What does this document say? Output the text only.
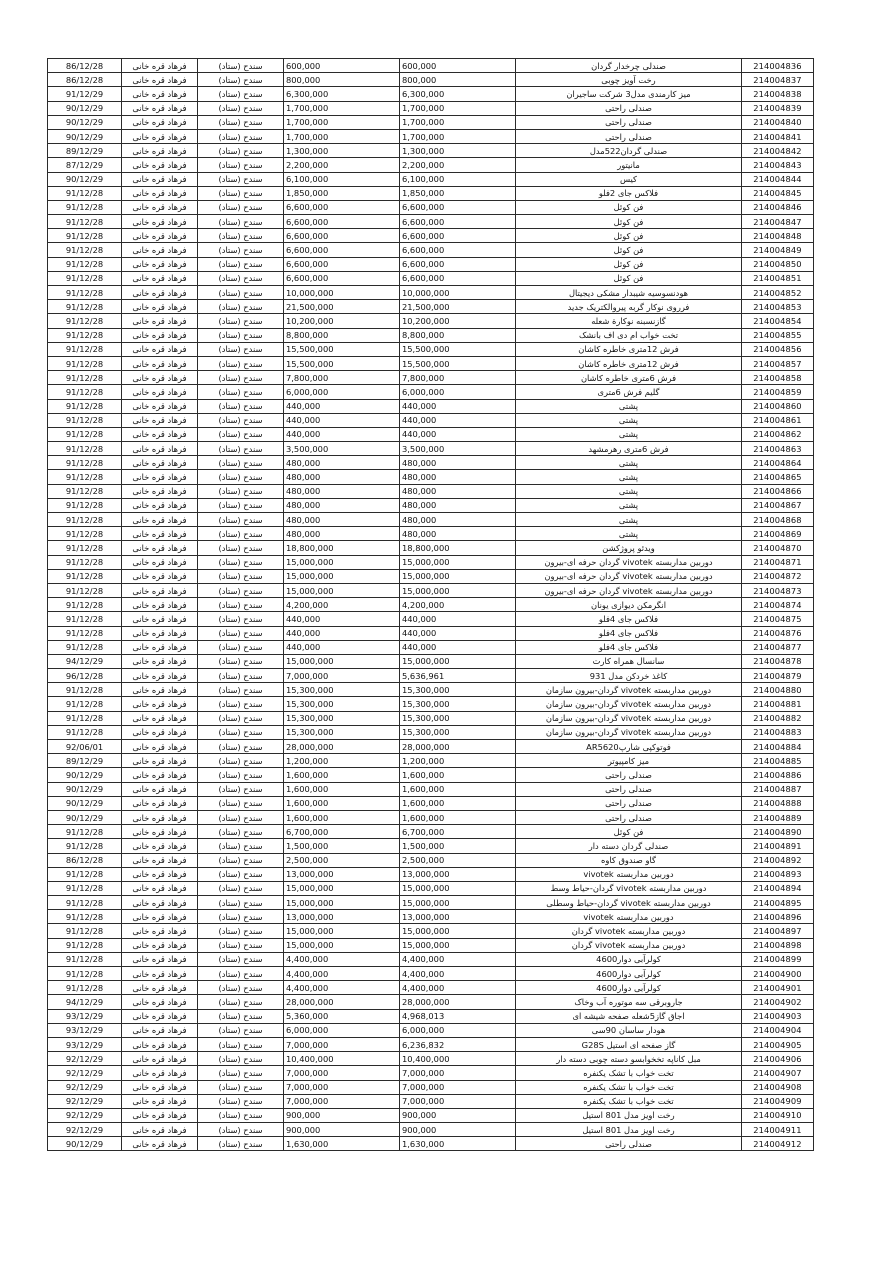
214004836	صندلی چرخدار گردان	600,000	600,000	سندح (ستاد)	فرهاد قره خانی	86/12/28
214004837	رخت آویز چوبی	800,000	800,000	سندح (ستاد)	فرهاد قره خانی	86/12/28
214004838	میز کارمندی مدل3 شرکت ساجیران	6,300,000	6,300,000	سندح (ستاد)	فرهاد قره خانی	91/12/29
214004839	صندلی راحتی	1,700,000	1,700,000	سندح (ستاد)	فرهاد قره خانی	90/12/29
214004840	صندلی راحتی	1,700,000	1,700,000	سندح (ستاد)	فرهاد قره خانی	90/12/29
214004841	صندلی راحتی	1,700,000	1,700,000	سندح (ستاد)	فرهاد قره خانی	90/12/29
214004842	صندلی گردان522مدل	1,300,000	1,300,000	سندح (ستاد)	فرهاد قره خانی	89/12/29
214004843	مانیتور	2,200,000	2,200,000	سندح (ستاد)	فرهاد قره خانی	87/12/29
214004844	کیس	6,100,000	6,100,000	سندح (ستاد)	فرهاد قره خانی	90/12/29
214004845	فلاکس جای 2فلو	1,850,000	1,850,000	سندح (ستاد)	فرهاد قره خانی	91/12/28
214004846	فن کوئل	6,600,000	6,600,000	سندح (ستاد)	فرهاد قره خانی	91/12/28
214004847	فن کوئل	6,600,000	6,600,000	سندح (ستاد)	فرهاد قره خانی	91/12/28
214004848	فن کوئل	6,600,000	6,600,000	سندح (ستاد)	فرهاد قره خانی	91/12/28
214004849	فن کوئل	6,600,000	6,600,000	سندح (ستاد)	فرهاد قره خانی	91/12/28
214004850	فن کوئل	6,600,000	6,600,000	سندح (ستاد)	فرهاد قره خانی	91/12/28
214004851	فن کوئل	6,600,000	6,600,000	سندح (ستاد)	فرهاد قره خانی	91/12/28
214004852	هودنسوسیه شیبدار مشکی دیجیتال	10,000,000	10,000,000	سندح (ستاد)	فرهاد قره خانی	91/12/28
214004853	فرروی نوکار گربه پیروالکتریک جدید	21,500,000	21,500,000	سندح (ستاد)	فرهاد قره خانی	91/12/28
214004854	گازنسبنه نوکارة شعله	10,200,000	10,200,000	سندح (ستاد)	فرهاد قره خانی	91/12/28
214004855	تخت خواب ام دی اف بانشک	8,800,000	8,800,000	سندح (ستاد)	فرهاد قره خانی	91/12/28
214004856	فرش 12متری خاطره کاشان	15,500,000	15,500,000	سندح (ستاد)	فرهاد قره خانی	91/12/28
214004857	فرش 12متری خاطره کاشان	15,500,000	15,500,000	سندح (ستاد)	فرهاد قره خانی	91/12/28
214004858	فرش 6متری خاطره کاشان	7,800,000	7,800,000	سندح (ستاد)	فرهاد قره خانی	91/12/28
214004859	گلیم فرش 6متری	6,000,000	6,000,000	سندح (ستاد)	فرهاد قره خانی	91/12/28
214004860	پشتی	440,000	440,000	سندح (ستاد)	فرهاد قره خانی	91/12/28
214004861	پشتی	440,000	440,000	سندح (ستاد)	فرهاد قره خانی	91/12/28
214004862	پشتی	440,000	440,000	سندح (ستاد)	فرهاد قره خانی	91/12/28
214004863	فرش 6متری رهرمشهد	3,500,000	3,500,000	سندح (ستاد)	فرهاد قره خانی	91/12/28
214004864	پشتی	480,000	480,000	سندح (ستاد)	فرهاد قره خانی	91/12/28
214004865	پشتی	480,000	480,000	سندح (ستاد)	فرهاد قره خانی	91/12/28
214004866	پشتی	480,000	480,000	سندح (ستاد)	فرهاد قره خانی	91/12/28
214004867	پشتی	480,000	480,000	سندح (ستاد)	فرهاد قره خانی	91/12/28
214004868	پشتی	480,000	480,000	سندح (ستاد)	فرهاد قره خانی	91/12/28
214004869	پشتی	480,000	480,000	سندح (ستاد)	فرهاد قره خانی	91/12/28
214004870	ویدئو پروژکشن	18,800,000	18,800,000	سندح (ستاد)	فرهاد قره خانی	91/12/28
214004871	دوربین مداربسته vivotek گردان حرفه ای-بیرون	15,000,000	15,000,000	سندح (ستاد)	فرهاد قره خانی	91/12/28
214004872	دوربین مداربسته vivotek گردان حرفه ای-بیرون	15,000,000	15,000,000	سندح (ستاد)	فرهاد قره خانی	91/12/28
214004873	دوربین مداربسته vivotek گردان حرفه ای-بیرون	15,000,000	15,000,000	سندح (ستاد)	فرهاد قره خانی	91/12/28
214004874	انگرمکن دیوازی یونان	4,200,000	4,200,000	سندح (ستاد)	فرهاد قره خانی	91/12/28
214004875	فلاکس جای 4فلو	440,000	440,000	سندح (ستاد)	فرهاد قره خانی	91/12/28
214004876	فلاکس جای 4فلو	440,000	440,000	سندح (ستاد)	فرهاد قره خانی	91/12/28
214004877	فلاکس جای 4فلو	440,000	440,000	سندح (ستاد)	فرهاد قره خانی	91/12/28
214004878	سانسال همراه کارت	15,000,000	15,000,000	سندح (ستاد)	فرهاد قره خانی	94/12/29
214004879	کاغذ خردکن مدل 931	5,636,961	7,000,000	سندح (ستاد)	فرهاد قره خانی	96/12/28
214004880	دوربین مداربسته vivotek گردان-بیرون سازمان	15,300,000	15,300,000	سندح (ستاد)	فرهاد قره خانی	91/12/28
214004881	دوربین مداربسته vivotek گردان-بیرون سازمان	15,300,000	15,300,000	سندح (ستاد)	فرهاد قره خانی	91/12/28
214004882	دوربین مداربسته vivotek گردان-بیرون سازمان	15,300,000	15,300,000	سندح (ستاد)	فرهاد قره خانی	91/12/28
214004883	دوربین مداربسته vivotek گردان-بیرون سازمان	15,300,000	15,300,000	سندح (ستاد)	فرهاد قره خانی	91/12/28
214004884	فوتوکپی شارپAR5620	28,000,000	28,000,000	سندح (ستاد)	فرهاد قره خانی	92/06/01
214004885	میز کامپیوتر	1,200,000	1,200,000	سندح (ستاد)	فرهاد قره خانی	89/12/29
214004886	صندلی راحتی	1,600,000	1,600,000	سندح (ستاد)	فرهاد قره خانی	90/12/29
214004887	صندلی راحتی	1,600,000	1,600,000	سندح (ستاد)	فرهاد قره خانی	90/12/29
214004888	صندلی راحتی	1,600,000	1,600,000	سندح (ستاد)	فرهاد قره خانی	90/12/29
214004889	صندلی راحتی	1,600,000	1,600,000	سندح (ستاد)	فرهاد قره خانی	90/12/29
214004890	فن کوئل	6,700,000	6,700,000	سندح (ستاد)	فرهاد قره خانی	91/12/28
214004891	صندلی گردان دسته دار	1,500,000	1,500,000	سندح (ستاد)	فرهاد قره خانی	91/12/28
214004892	گاو صندوق کاوه	2,500,000	2,500,000	سندح (ستاد)	فرهاد قره خانی	86/12/28
214004893	دوربین مداربسته vivotek	13,000,000	13,000,000	سندح (ستاد)	فرهاد قره خانی	91/12/28
214004894	دوربین مداربسته vivotek گردان-حیاط وسط	15,000,000	15,000,000	سندح (ستاد)	فرهاد قره خانی	91/12/28
214004895	دوربین مداربسته vivotek گردان-حیاط وسطلی	15,000,000	15,000,000	سندح (ستاد)	فرهاد قره خانی	91/12/28
214004896	دوربین مداربسته vivotek	13,000,000	13,000,000	سندح (ستاد)	فرهاد قره خانی	91/12/28
214004897	دوربین مداربسته vivotek گردان	15,000,000	15,000,000	سندح (ستاد)	فرهاد قره خانی	91/12/28
214004898	دوربین مداربسته vivotek گردان	15,000,000	15,000,000	سندح (ستاد)	فرهاد قره خانی	91/12/28
214004899	کولرآبی دوار4600	4,400,000	4,400,000	سندح (ستاد)	فرهاد قره خانی	91/12/28
214004900	کولرآبی دوار4600	4,400,000	4,400,000	سندح (ستاد)	فرهاد قره خانی	91/12/28
214004901	کولرآبی دوار4600	4,400,000	4,400,000	سندح (ستاد)	فرهاد قره خانی	91/12/28
214004902	جاروبرقی سه موتوره آب وخاک	28,000,000	28,000,000	سندح (ستاد)	فرهاد قره خانی	94/12/29
214004903	اجاق گاز5شعله صفحه شیشه ای	4,968,013	5,360,000	سندح (ستاد)	فرهاد قره خانی	93/12/29
214004904	هودار ساسان 90سی	6,000,000	6,000,000	سندح (ستاد)	فرهاد قره خانی	93/12/29
214004905	گاز صفحه ای استیل G28S	6,236,832	7,000,000	سندح (ستاد)	فرهاد قره خانی	93/12/29
214004906	مبل کاناپه تخخوابسو دسته چوبی دسته دار	10,400,000	10,400,000	سندح (ستاد)	فرهاد قره خانی	92/12/29
214004907	تخت خواب با تشک یکنفره	7,000,000	7,000,000	سندح (ستاد)	فرهاد قره خانی	92/12/29
214004908	تخت خواب با تشک یکنفره	7,000,000	7,000,000	سندح (ستاد)	فرهاد قره خانی	92/12/29
214004909	تخت خواب با تشک یکنفره	7,000,000	7,000,000	سندح (ستاد)	فرهاد قره خانی	92/12/29
214004910	رخت اویز مدل 801 استیل	900,000	900,000	سندح (ستاد)	فرهاد قره خانی	92/12/29
214004911	رخت اویز مدل 801 استیل	900,000	900,000	سندح (ستاد)	فرهاد قره خانی	92/12/29
214004912	صندلی راحتی	1,630,000	1,630,000	سندح (ستاد)	فرهاد قره خانی	90/12/29
